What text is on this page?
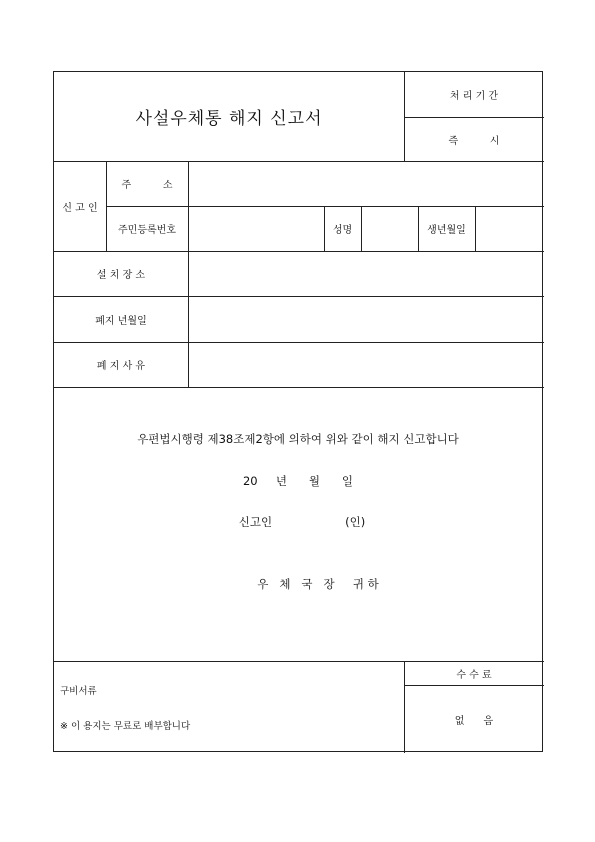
사설우체통 해지 신고서
처 리 기 간
즉          시
신 고 인
주          소
주민등록번호	성명	생년월일
설 치 장 소
폐지 년월일
폐 지 사 유
우편법시행령 제38조제2항에 의하여 위와 같이 해지 신고합니다
20     년      월      일
신고인                    (인)
우   체   국   장     귀 하
구비서류
※ 이 용지는 무료로 배부합니다
수 수 료
없      음
